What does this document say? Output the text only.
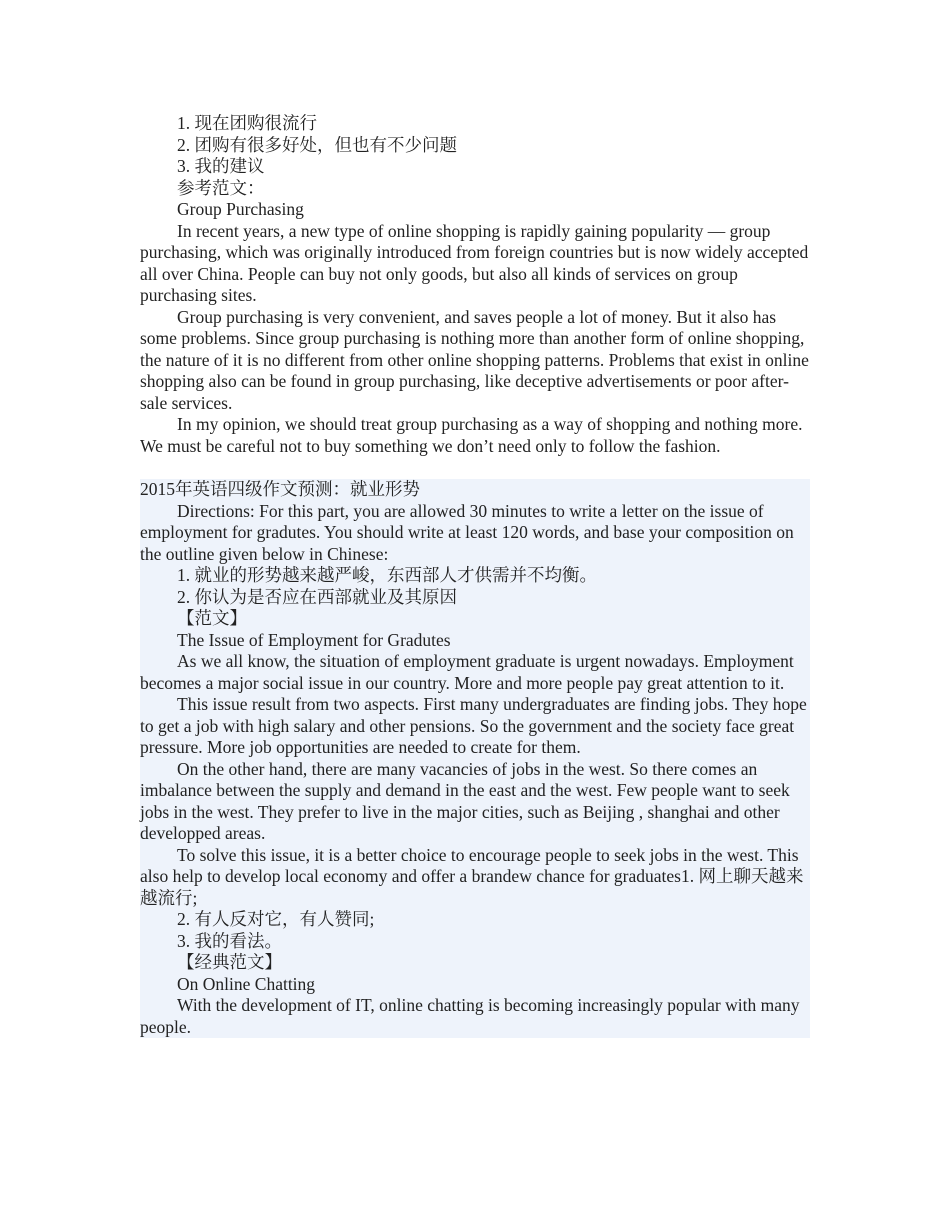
1. 现在团购很流行

2. 团购有很多好处，但也有不少问题

3. 我的建议

参考范文：

Group Purchasing

In recent years, a new type of online shopping is rapidly gaining popularity — group purchasing, which was originally introduced from foreign countries but is now widely accepted all over China. People can buy not only goods, but also all kinds of services on group purchasing sites.

Group purchasing is very convenient, and saves people a lot of money. But it also has some problems. Since group purchasing is nothing more than another form of online shopping, the nature of it is no different from other online shopping patterns. Problems that exist in online shopping also can be found in group purchasing, like deceptive advertisements or poor after-sale services.

In my opinion, we should treat group purchasing as a way of shopping and nothing more. We must be careful not to buy something we don’t need only to follow the fashion.

2015年英语四级作文预测：就业形势

Directions: For this part, you are allowed 30 minutes to write a letter on the issue of employment for gradutes. You should write at least 120 words, and base your composition on the outline given below in Chinese:

1. 就业的形势越来越严峻，东西部人才供需并不均衡。

2. 你认为是否应在西部就业及其原因

【范文】

The Issue of Employment for Gradutes

As we all know, the situation of employment graduate is urgent nowadays. Employment becomes a major social issue in our country. More and more people pay great attention to it.

This issue result from two aspects. First many undergraduates are finding jobs. They hope to get a job with high salary and other pensions. So the government and the society face great pressure. More job opportunities are needed to create for them.

On the other hand, there are many vacancies of jobs in the west. So there comes an imbalance between the supply and demand in the east and the west. Few people want to seek jobs in the west. They prefer to live in the major cities, such as Beijing , shanghai and other developped areas.

To solve this issue, it is a better choice to encourage people to seek jobs in the west. This also help to develop local economy and offer a brandew chance for graduates1. 网上聊天越来越流行;

2. 有人反对它，有人赞同;

3. 我的看法。

【经典范文】

On Online Chatting

With the development of IT, online chatting is becoming increasingly popular with many people.
